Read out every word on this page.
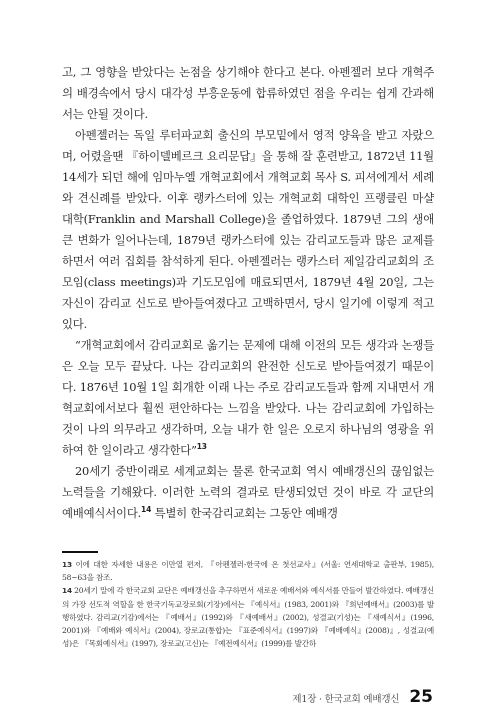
고, 그 영향을 받았다는 논점을 상기해야 한다고 본다. 아펜젤러 보다 개혁주의 배경속에서 당시 대각성 부흥운동에 합류하였던 점을 우리는 쉽게 간과해서는 안될 것이다.

아펜젤러는 독일 루터파교회 출신의 부모밑에서 영적 양육을 받고 자랐으며, 어렸을땐 『하이델베르크 요리문답』을 통해 잘 훈련받고, 1872년 11월 14세가 되던 해에 임마누엘 개혁교회에서 개혁교회 목사 S. 피셔에게서 세례와 견신례를 받았다. 이후 랭카스터에 있는 개혁교회 대학인 프랭클린 마샬 대학(Franklin and Marshall College)을 졸업하였다. 1879년 그의 생애 큰 변화가 일어나는데, 1879년 랭카스터에 있는 감리교도들과 많은 교제를 하면서 여러 집회를 참석하게 된다. 아펜젤러는 랭카스터 제일감리교회의 조모임(class meetings)과 기도모임에 매료되면서, 1879년 4월 20일, 그는 자신이 감리교 신도로 받아들여졌다고 고백하면서, 당시 일기에 이렇게 적고 있다.

“개혁교회에서 감리교회로 옮기는 문제에 대해 이전의 모든 생각과 논쟁들은 오늘 모두 끝났다. 나는 감리교회의 완전한 신도로 받아들여졌기 때문이다. 1876년 10월 1일 회개한 이래 나는 주로 감리교도들과 함께 지내면서 개혁교회에서보다 훨씬 편안하다는 느낌을 받았다. 나는 감리교회에 가입하는 것이 나의 의무라고 생각하며, 오늘 내가 한 일은 오로지 하나님의 영광을 위하여 한 일이라고 생각한다”$^{13}$

20세기 중반이래로 세계교회는 물론 한국교회 역시 예배갱신의 끊임없는 노력들을 기해왔다. 이러한 노력의 결과로 탄생되었던 것이 바로 각 교단의 예배예식서이다.$^{14}$ 특별히 한국감리교회는 그동안 예배갱

13 이에 대한 자세한 내용은 이만열 편저, 『아펜젤러-한국에 온 첫선교사』(서울: 연세대학교 출판부, 1985), 58~63을 참조.

14 20세기 말에 각 한국교회 교단은 예배갱신을 추구하면서 새로운 예배서와 예식서를 만들어 발간하였다. 예배갱신의 가장 선도적 역할을 한 한국기독교장로회(기장)에서는 『예식서』(1983, 2001)와 『희년예배서』(2003)를 발행하였다. 감리교(기감)에서는 『예배서』(1992)와 『새예배서』(2002), 성결교(기성)는 『새예식서』(1996, 2001)와 『예배와 예식서』(2004), 장로교(통합)는 『표준예식서』(1997)와 『예배예식』(2008)』, 성결교(예성)은 『목회예식서』(1997), 장로교(고신)는 『예전예식서』(1999)를 발간하

제1장 · 한국교회 예배갱신 25
